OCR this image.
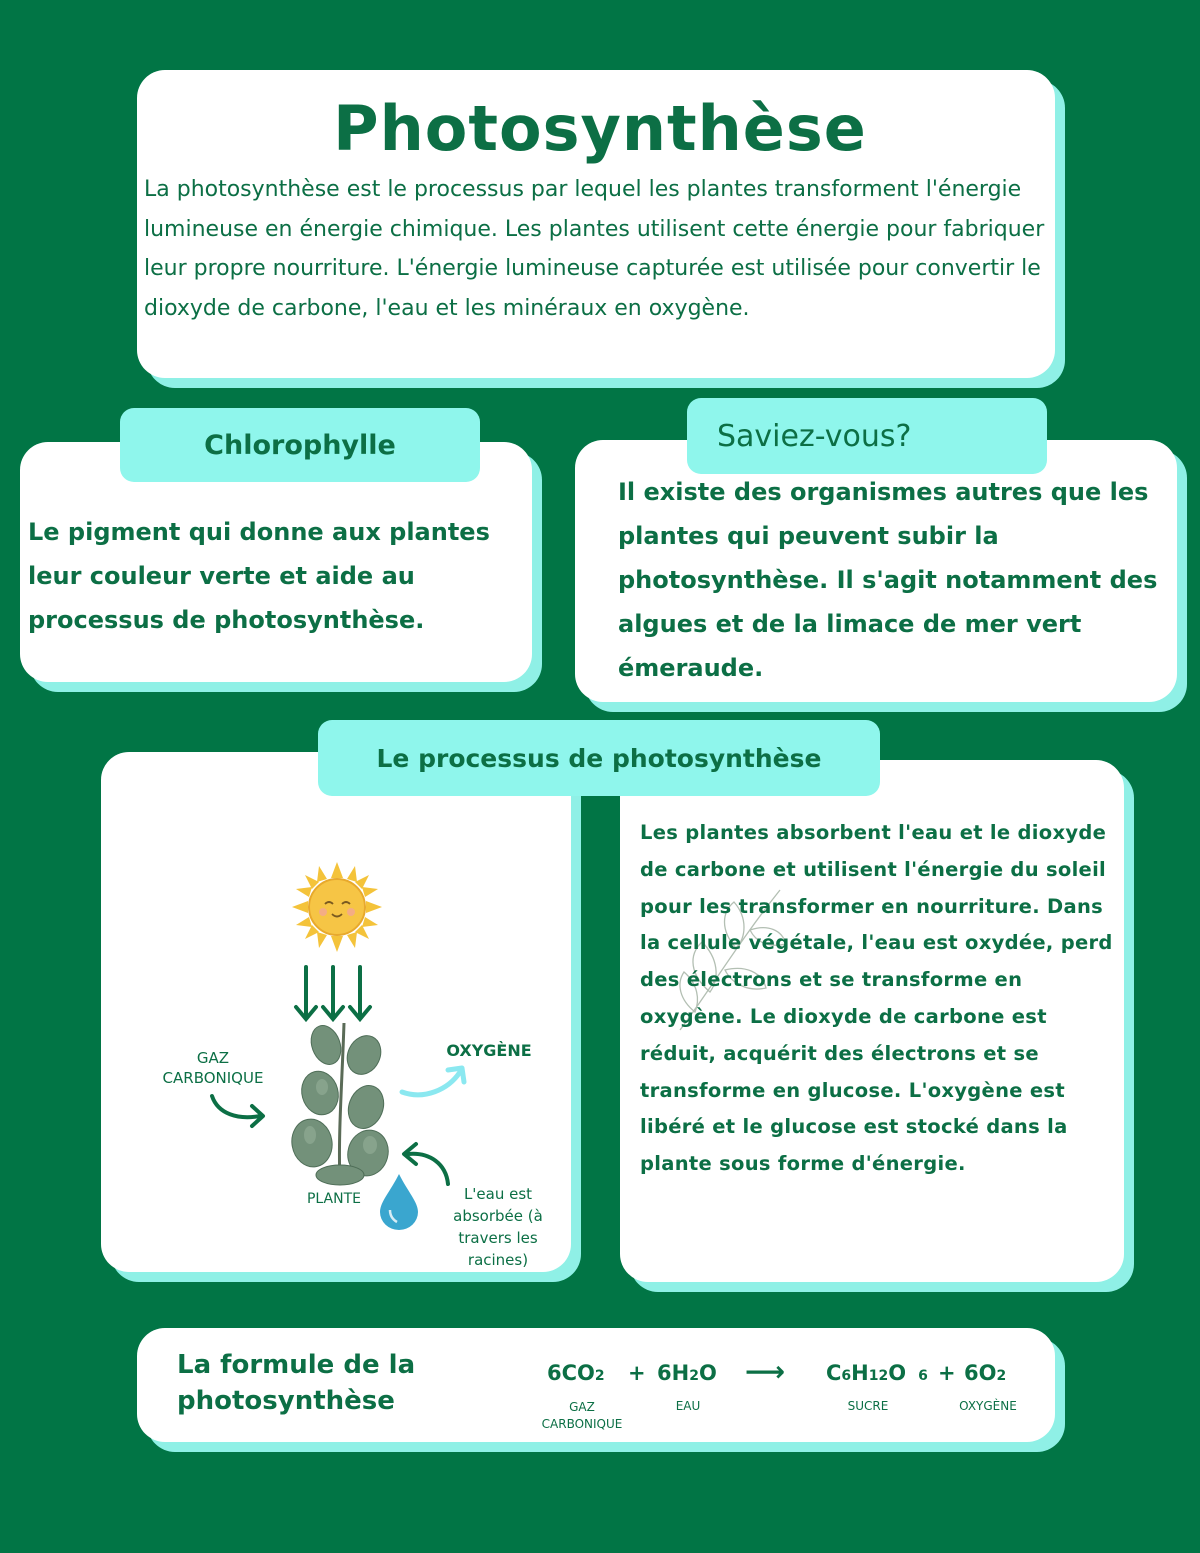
Photosynthèse
La photosynthèse est le processus par lequel les plantes transforment l'énergie lumineuse en énergie chimique. Les plantes utilisent cette énergie pour fabriquer leur propre nourriture. L'énergie lumineuse capturée est utilisée pour convertir le dioxyde de carbone, l'eau et les minéraux en oxygène.
Chlorophylle
Le pigment qui donne aux plantes leur couleur verte et aide au processus de photosynthèse.
Saviez-vous?
Il existe des organismes autres que les plantes qui peuvent subir la photosynthèse. Il s'agit notamment des algues et de la limace de mer vert émeraude.
Le processus de photosynthèse
Les plantes absorbent l'eau et le dioxyde de carbone et utilisent l'énergie du soleil pour les transformer en nourriture. Dans la cellule végétale, l'eau est oxydée, perd des électrons et se transforme en oxygène. Le dioxyde de carbone est réduit, acquérit des électrons et se transforme en glucose. L'oxygène est libéré et le glucose est stocké dans la plante sous forme d'énergie.
GAZ CARBONIQUE
OXYGÈNE
PLANTE	L'eau est absorbée (à travers les racines)
La formule de la photosynthèse
6CO2 + 6H2O ⟶ C6H12O 6 + 6O2
GAZ CARBONIQUE
EAU	SUCRE	OXYGÈNE
